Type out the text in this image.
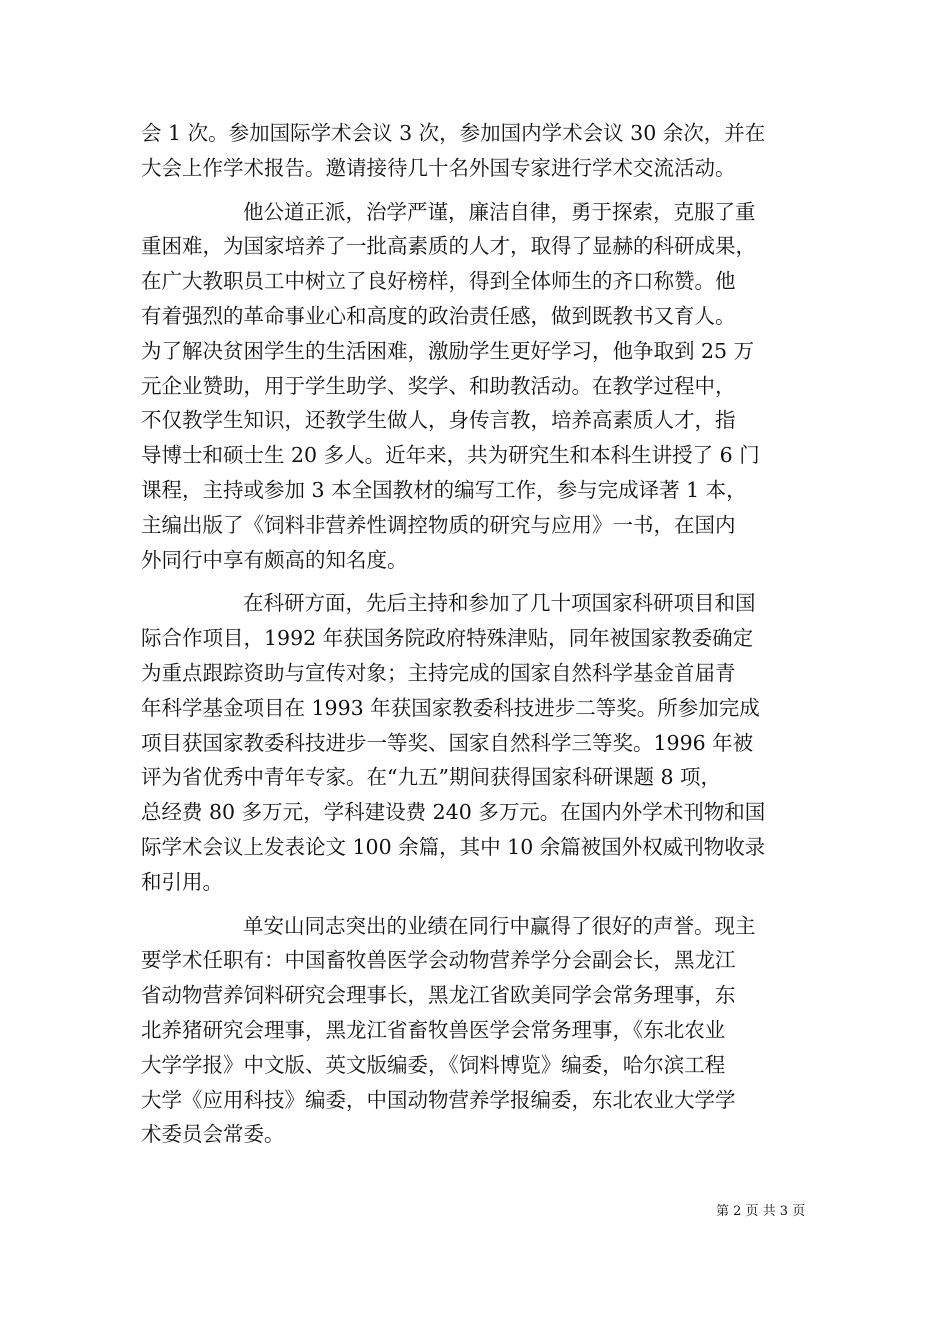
会 1 次。参加国际学术会议 3 次，参加国内学术会议 30 余次，并在
大会上作学术报告。邀请接待几十名外国专家进行学术交流活动。
他公道正派，治学严谨，廉洁自律，勇于探索，克服了重
重困难，为国家培养了一批高素质的人才，取得了显赫的科研成果，
在广大教职员工中树立了良好榜样，得到全体师生的齐口称赞。他
有着强烈的革命事业心和高度的政治责任感，做到既教书又育人。
为了解决贫困学生的生活困难，激励学生更好学习，他争取到 25 万
元企业赞助，用于学生助学、奖学、和助教活动。在教学过程中，
不仅教学生知识，还教学生做人，身传言教，培养高素质人才，指
导博士和硕士生 20 多人。近年来，共为研究生和本科生讲授了 6 门
课程，主持或参加 3 本全国教材的编写工作，参与完成译著 1 本，
主编出版了《饲料非营养性调控物质的研究与应用》一书，在国内
外同行中享有颇高的知名度。
在科研方面，先后主持和参加了几十项国家科研项目和国
际合作项目，1992 年获国务院政府特殊津贴，同年被国家教委确定
为重点跟踪资助与宣传对象；主持完成的国家自然科学基金首届青
年科学基金项目在 1993 年获国家教委科技进步二等奖。所参加完成
项目获国家教委科技进步一等奖、国家自然科学三等奖。1996 年被
评为省优秀中青年专家。在“九五”期间获得国家科研课题 8 项，
总经费 80 多万元，学科建设费 240 多万元。在国内外学术刊物和国
际学术会议上发表论文 100 余篇，其中 10 余篇被国外权威刊物收录
和引用。
单安山同志突出的业绩在同行中赢得了很好的声誉。现主
要学术任职有：中国畜牧兽医学会动物营养学分会副会长，黑龙江
省动物营养饲料研究会理事长，黑龙江省欧美同学会常务理事，东
北养猪研究会理事，黑龙江省畜牧兽医学会常务理事，《东北农业
大学学报》中文版、英文版编委，《饲料博览》编委，哈尔滨工程
大学《应用科技》编委，中国动物营养学报编委，东北农业大学学
术委员会常委。
第 2 页 共 3 页
